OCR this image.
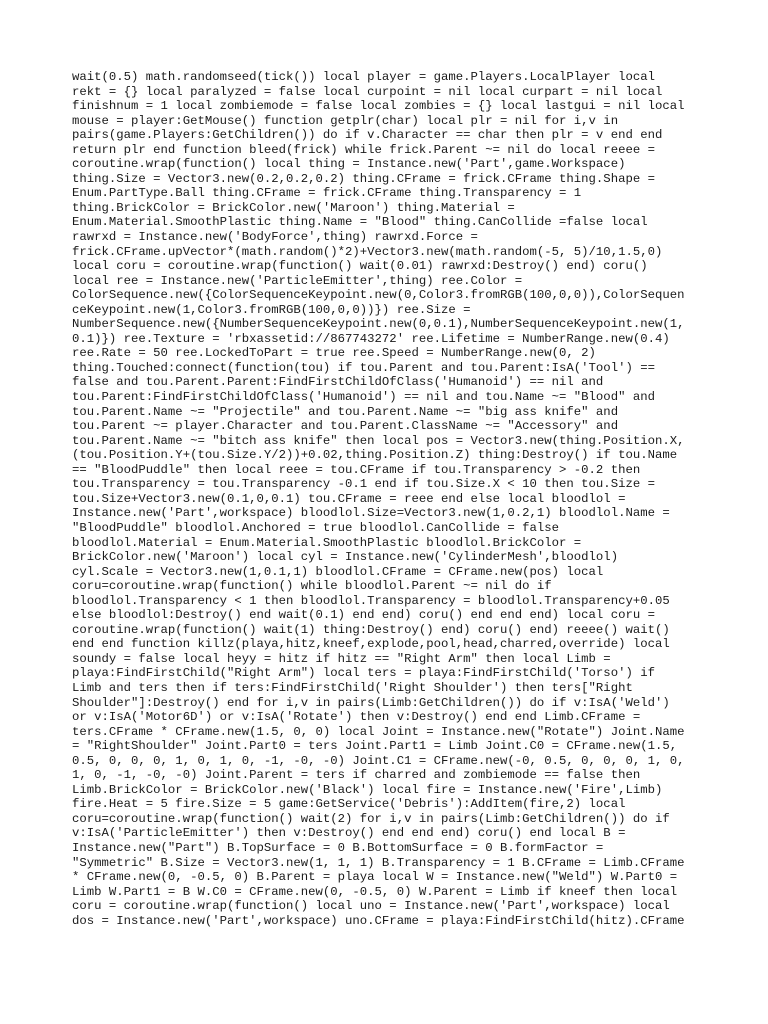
wait(0.5) math.randomseed(tick()) local player = game.Players.LocalPlayer local
rekt = {} local paralyzed = false local curpoint = nil local curpart = nil local
finishnum = 1 local zombiemode = false local zombies = {} local lastgui = nil local
mouse = player:GetMouse() function getplr(char) local plr = nil for i,v in
pairs(game.Players:GetChildren()) do if v.Character == char then plr = v end end
return plr end function bleed(frick) while frick.Parent ~= nil do local reeee =
coroutine.wrap(function() local thing = Instance.new('Part',game.Workspace)
thing.Size = Vector3.new(0.2,0.2,0.2) thing.CFrame = frick.CFrame thing.Shape =
Enum.PartType.Ball thing.CFrame = frick.CFrame thing.Transparency = 1
thing.BrickColor = BrickColor.new('Maroon') thing.Material =
Enum.Material.SmoothPlastic thing.Name = "Blood" thing.CanCollide =false local
rawrxd = Instance.new('BodyForce',thing) rawrxd.Force =
frick.CFrame.upVector*(math.random()*2)+Vector3.new(math.random(-5, 5)/10,1.5,0)
local coru = coroutine.wrap(function() wait(0.01) rawrxd:Destroy() end) coru()
local ree = Instance.new('ParticleEmitter',thing) ree.Color =
ColorSequence.new({ColorSequenceKeypoint.new(0,Color3.fromRGB(100,0,0)),ColorSequen
ceKeypoint.new(1,Color3.fromRGB(100,0,0))}) ree.Size =
NumberSequence.new({NumberSequenceKeypoint.new(0,0.1),NumberSequenceKeypoint.new(1,
0.1)}) ree.Texture = 'rbxassetid://867743272' ree.Lifetime = NumberRange.new(0.4)
ree.Rate = 50 ree.LockedToPart = true ree.Speed = NumberRange.new(0, 2)
thing.Touched:connect(function(tou) if tou.Parent and tou.Parent:IsA('Tool') ==
false and tou.Parent.Parent:FindFirstChildOfClass('Humanoid') == nil and
tou.Parent:FindFirstChildOfClass('Humanoid') == nil and tou.Name ~= "Blood" and
tou.Parent.Name ~= "Projectile" and tou.Parent.Name ~= "big ass knife" and
tou.Parent ~= player.Character and tou.Parent.ClassName ~= "Accessory" and
tou.Parent.Name ~= "bitch ass knife" then local pos = Vector3.new(thing.Position.X,
(tou.Position.Y+(tou.Size.Y/2))+0.02,thing.Position.Z) thing:Destroy() if tou.Name
== "BloodPuddle" then local reee = tou.CFrame if tou.Transparency > -0.2 then
tou.Transparency = tou.Transparency -0.1 end if tou.Size.X < 10 then tou.Size =
tou.Size+Vector3.new(0.1,0,0.1) tou.CFrame = reee end else local bloodlol =
Instance.new('Part',workspace) bloodlol.Size=Vector3.new(1,0.2,1) bloodlol.Name =
"BloodPuddle" bloodlol.Anchored = true bloodlol.CanCollide = false
bloodlol.Material = Enum.Material.SmoothPlastic bloodlol.BrickColor =
BrickColor.new('Maroon') local cyl = Instance.new('CylinderMesh',bloodlol)
cyl.Scale = Vector3.new(1,0.1,1) bloodlol.CFrame = CFrame.new(pos) local
coru=coroutine.wrap(function() while bloodlol.Parent ~= nil do if
bloodlol.Transparency < 1 then bloodlol.Transparency = bloodlol.Transparency+0.05
else bloodlol:Destroy() end wait(0.1) end end) coru() end end end) local coru =
coroutine.wrap(function() wait(1) thing:Destroy() end) coru() end) reeee() wait()
end end function killz(playa,hitz,kneef,explode,pool,head,charred,override) local
soundy = false local heyy = hitz if hitz == "Right Arm" then local Limb =
playa:FindFirstChild("Right Arm") local ters = playa:FindFirstChild('Torso') if
Limb and ters then if ters:FindFirstChild('Right Shoulder') then ters["Right
Shoulder"]:Destroy() end for i,v in pairs(Limb:GetChildren()) do if v:IsA('Weld')
or v:IsA('Motor6D') or v:IsA('Rotate') then v:Destroy() end end Limb.CFrame =
ters.CFrame * CFrame.new(1.5, 0, 0) local Joint = Instance.new("Rotate") Joint.Name
= "RightShoulder" Joint.Part0 = ters Joint.Part1 = Limb Joint.C0 = CFrame.new(1.5,
0.5, 0, 0, 0, 1, 0, 1, 0, -1, -0, -0) Joint.C1 = CFrame.new(-0, 0.5, 0, 0, 0, 1, 0,
1, 0, -1, -0, -0) Joint.Parent = ters if charred and zombiemode == false then
Limb.BrickColor = BrickColor.new('Black') local fire = Instance.new('Fire',Limb)
fire.Heat = 5 fire.Size = 5 game:GetService('Debris'):AddItem(fire,2) local
coru=coroutine.wrap(function() wait(2) for i,v in pairs(Limb:GetChildren()) do if
v:IsA('ParticleEmitter') then v:Destroy() end end end) coru() end local B =
Instance.new("Part") B.TopSurface = 0 B.BottomSurface = 0 B.formFactor =
"Symmetric" B.Size = Vector3.new(1, 1, 1) B.Transparency = 1 B.CFrame = Limb.CFrame
* CFrame.new(0, -0.5, 0) B.Parent = playa local W = Instance.new("Weld") W.Part0 =
Limb W.Part1 = B W.C0 = CFrame.new(0, -0.5, 0) W.Parent = Limb if kneef then local
coru = coroutine.wrap(function() local uno = Instance.new('Part',workspace) local
dos = Instance.new('Part',workspace) uno.CFrame = playa:FindFirstChild(hitz).CFrame
